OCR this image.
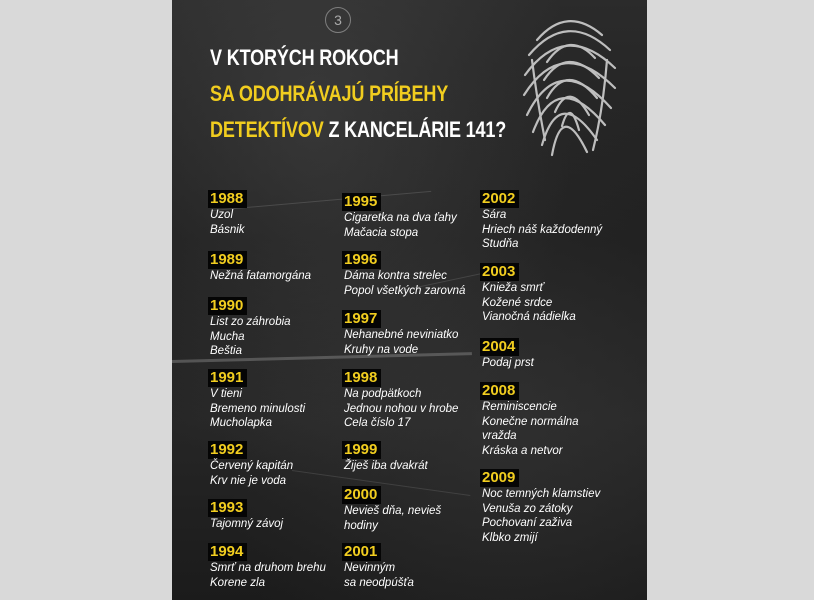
3
V KTORÝCH ROKOCH
SA ODOHRÁVAJÚ PRÍBEHY
DETEKTÍVOV Z KANCELÁRIE 141?
1988
Uzol
Básnik
1989
Nežná fatamorgána
1990
List zo záhrobia
Mucha
Beštia
1991
V tieni
Bremeno minulosti
Mucholapka
1992
Červený kapitán
Krv nie je voda
1993
Tajomný závoj
1994
Smrť na druhom brehu
Korene zla
1995
Cigaretka na dva ťahy
Mačacia stopa
1996
Dáma kontra strelec
Popol všetkých zarovná
1997
Nehanebné neviniatko
Kruhy na vode
1998
Na podpätkoch
Jednou nohou v hrobe
Cela číslo 17
1999
Žiješ iba dvakrát
2000
Nevieš dňa, nevieš
hodiny
2001
Nevinným
sa neodpúšťa
2002
Sára
Hriech náš každodenný
Studňa
2003
Knieža smrť
Kožené srdce
Vianočná nádielka
2004
Podaj prst
2008
Reminiscencie
Konečne normálna
vražda
Kráska a netvor
2009
Noc temných klamstiev
Venuša zo zátoky
Pochovaní zaživa
Klbko zmijí
